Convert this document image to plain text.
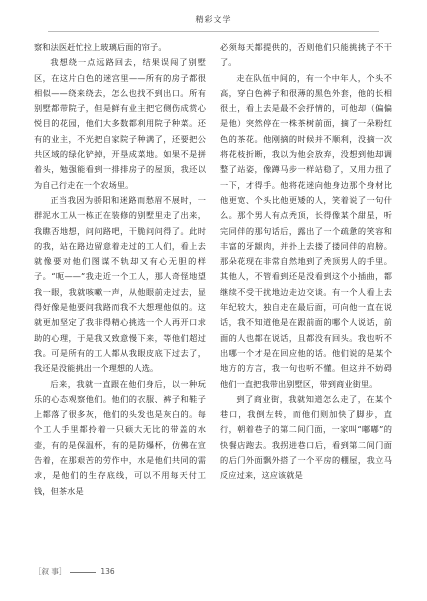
精彩文学

察和法医赶忙拉上玻璃后面的帘子。

我想绕一点远路回去，结果误闯了别墅区，在这片白色的迷宫里——所有的房子都很相似——绕来绕去，怎么也找不到出口。所有别墅都带院子，但是鲜有业主把它侧伤成赏心悦目的花园，他们大多数都利用院子种菜。还有的业主，不光把自家院子种满了，还要把公共区域的绿化铲掉，开垦成菜地。如果不是拼着头，勉强能看到一排排房子的屋顶，我还以为自己行走在一个农场里。

正当我因为骄阳和迷路而愁眉不展时，一群泥水工从一栋正在装修的别墅里走了出来，我瞧否地想，问问路吧，干脆问问得了。此时的我，站在路边留意着走过的工人们，看上去就像要对他们图谋不轨却又有心无胆的样子。“呃——”我走近一个工人，那人奇怪地望我一眼，我就咳嗽一声，从他眼前走过去，显得好像是他要问我路而我不大想理他似的。这就更加坚定了我非得精心挑选一个人再开口求助的心理，于是我又致意慢下来，等他们超过我。可是所有的工人都从我眼皮底下过去了，我还是没能挑出一个理想的人选。

后来，我就一直跟在他们身后，以一种玩乐的心态观察他们。他们的衣服、裤子和鞋子上都落了很多灰，他们的头发也是灰白的。每个工人手里都拎着一只硕大无比的带盖的水壶，有的是保温杯，有的是防爆杯，仿佛在宣告着，在那艰苦的劳作中，水是他们共同的需求，是他们的生存底线，可以不用每天付工钱，但茶水是

必须每天都提供的，否则他们只能挑挑子不干了。

走在队伍中间的，有一个中年人，个头不高，穿白色裤子和很薄的黑色外套，他的长相很土，看上去是最不会抒情的，可他却（偏偏是他）突然停在一株茶树前面，摘了一朵粉红色的茶花。他刚摘的时候并不顺利，没摘一次将花枝折断，我以为他会放弃，没想到他却调整了站姿，像蹲马步一样站稳了，又用力扭了一下，才得手。他将花迷向他身边那个身材比他更宽、个头比他更矮的人，笑着说了一句什么。那个男人有点秃顶，长得像某个甜星，听完同伴的那句话后，露出了一个疏惫的笑容和丰富的牙龈肉，并扑上去搂了搂同伴的肩膀。那朵花现在非常自然地到了秃顶男人的手里。其他人，不管看到还是没看到这个小插曲，都继续不受干扰地边走边交谈。有一个人看上去年纪较大，独自走在最后面，可向他一直在说话，我不知道他是在跟前面的哪个人说话，前面的人也都在说话，且都没有回头。我也听不出哪一个才是在回应他的话。他们说的是某个地方的方言，我一句也听不懂。但这并不妨碍他们一直把我带出别墅区，带到商业街里。

到了商业街，我就知道怎么走了，在某个巷口，我倒左转，而他们则加快了脚步，直行，朝着巷子的第二间门面，一家叫“嘟嘟”的快餐店跑去。我拐进巷口后，看到第二间门面的后门外面飘外搭了一个平房的棚屋，我立马反应过来，这应该就是

［叙 事］	136
